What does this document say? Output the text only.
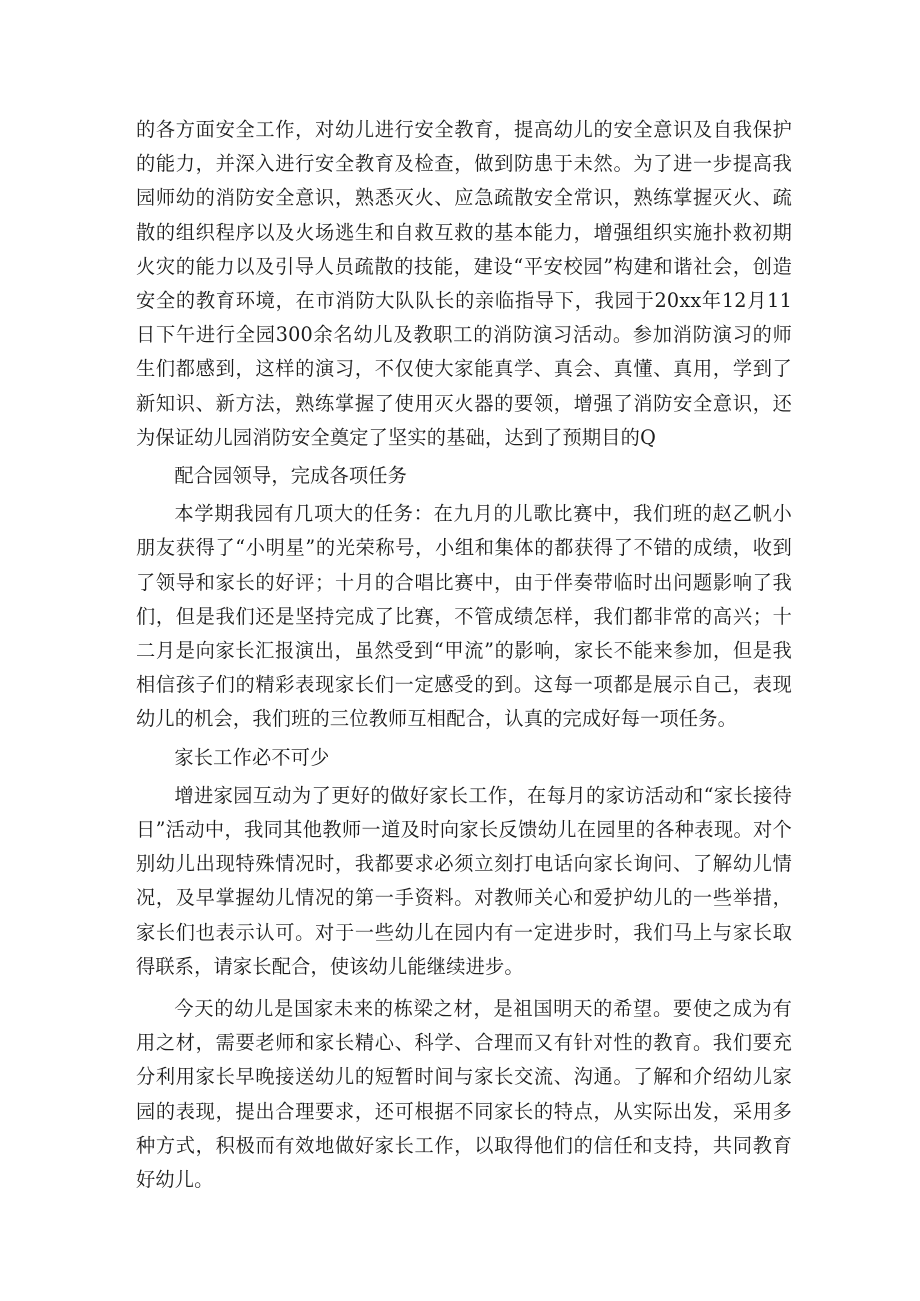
的各方面安全工作，对幼儿进行安全教育，提高幼儿的安全意识及自我保护的能力，并深入进行安全教育及检查，做到防患于未然。为了进一步提高我园师幼的消防安全意识，熟悉灭火、应急疏散安全常识，熟练掌握灭火、疏散的组织程序以及火场逃生和自救互救的基本能力，增强组织实施扑救初期火灾的能力以及引导人员疏散的技能，建设“平安校园”构建和谐社会，创造安全的教育环境，在市消防大队队长的亲临指导下，我园于20xx年12月11日下午进行全园300余名幼儿及教职工的消防演习活动。参加消防演习的师生们都感到，这样的演习，不仅使大家能真学、真会、真懂、真用，学到了新知识、新方法，熟练掌握了使用灭火器的要领，增强了消防安全意识，还为保证幼儿园消防安全奠定了坚实的基础，达到了预期目的Q

配合园领导，完成各项任务

本学期我园有几项大的任务：在九月的儿歌比赛中，我们班的赵乙帆小朋友获得了“小明星”的光荣称号，小组和集体的都获得了不错的成绩，收到了领导和家长的好评；十月的合唱比赛中，由于伴奏带临时出问题影响了我们，但是我们还是坚持完成了比赛，不管成绩怎样，我们都非常的高兴；十二月是向家长汇报演出，虽然受到“甲流”的影响，家长不能来参加，但是我相信孩子们的精彩表现家长们一定感受的到。这每一项都是展示自己，表现幼儿的机会，我们班的三位教师互相配合，认真的完成好每一项任务。

家长工作必不可少

增进家园互动为了更好的做好家长工作，在每月的家访活动和“家长接待日”活动中，我同其他教师一道及时向家长反馈幼儿在园里的各种表现。对个别幼儿出现特殊情况时，我都要求必须立刻打电话向家长询问、了解幼儿情况，及早掌握幼儿情况的第一手资料。对教师关心和爱护幼儿的一些举措，家长们也表示认可。对于一些幼儿在园内有一定进步时，我们马上与家长取得联系，请家长配合，使该幼儿能继续进步。

今天的幼儿是国家未来的栋梁之材，是祖国明天的希望。要使之成为有用之材，需要老师和家长精心、科学、合理而又有针对性的教育。我们要充分利用家长早晚接送幼儿的短暂时间与家长交流、沟通。了解和介绍幼儿家园的表现，提出合理要求，还可根据不同家长的特点，从实际出发，采用多种方式，积极而有效地做好家长工作，以取得他们的信任和支持，共同教育好幼儿。
